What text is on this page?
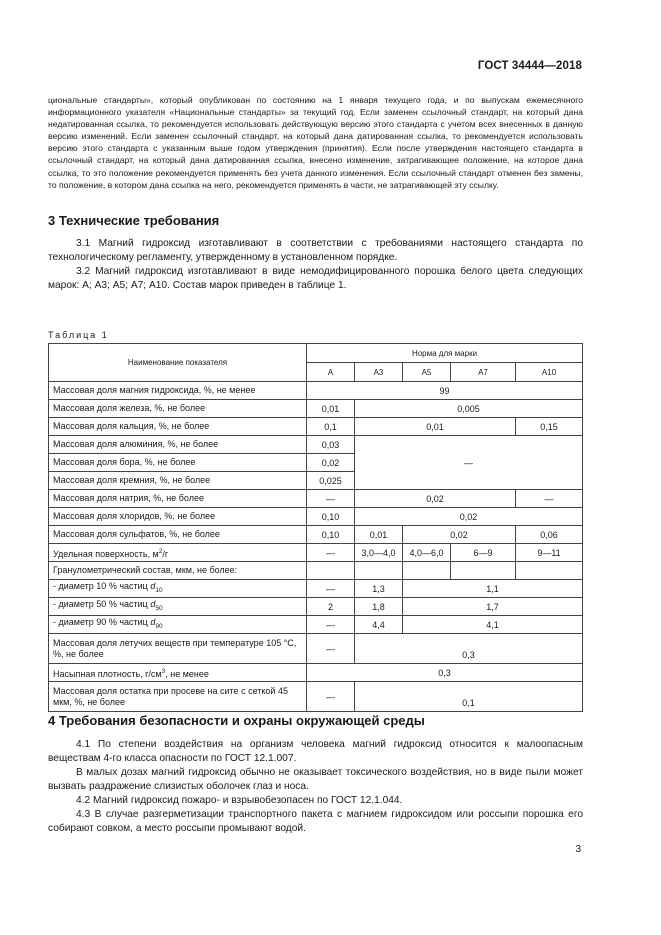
ГОСТ 34444—2018

циональные стандарты», который опубликован по состоянию на 1 января текущего года, и по выпускам ежемесячного информационного указателя «Национальные стандарты» за текущий год. Если заменен ссылочный стандарт, на который дана недатированная ссылка, то рекомендуется использовать действующую версию этого стандарта с учетом всех внесенных в данную версию изменений. Если заменен ссылочный стандарт, на который дана датированная ссылка, то рекомендуется использовать версию этого стандарта с указанным выше годом утверждения (принятия). Если после утверждения настоящего стандарта в ссылочный стандарт, на который дана датированная ссылка, внесено изменение, затрагивающее положение, на которое дана ссылка, то это положение рекомендуется применять без учета данного изменения. Если ссылочный стандарт отменен без замены, то положение, в котором дана ссылка на него, рекомендуется применять в части, не затрагивающей эту ссылку.

3 Технические требования

3.1 Магний гидроксид изготавливают в соответствии с требованиями настоящего стандарта по технологическому регламенту, утвержденному в установленном порядке.

3.2 Магний гидроксид изготавливают в виде немодифицированного порошка белого цвета следующих марок: А; А3; А5; А7; А10. Состав марок приведен в таблице 1.

Таблица 1

Наименование показателя	Норма для марки				
	А	А3	А5	А7	А10
Массовая доля магния гидроксида, %, не менее	99				
Массовая доля железа, %, не более	0,01	0,005			
Массовая доля кальция, %, не более	0,1	0,01			0,15
Массовая доля алюминия, %, не более	0,03	—			
Массовая доля бора, %, не более	0,02				
Массовая доля кремния, %, не более	0,025				
Массовая доля натрия, %, не более	—	0,02			—
Массовая доля хлоридов, %, не более	0,10	0,02			
Массовая доля сульфатов, %, не более	0,10	0,01	0,02		0,06
Удельная поверхность, $м^2/г$	—	3,0—4,0	4,0—6,0	6—9	9—11
Гранулометрический состав, мкм, не более:					
- диаметр 10 % частиц $d_{10}$	—	1,3	1,1		
- диаметр 50 % частиц $d_{50}$	2	1,8	1,7		
- диаметр 90 % частиц $d_{90}$	—	4,4	4,1		
Массовая доля летучих веществ при температуре 105 °С, %, не более	—	0,3			
Насыпная плотность, $г/см^3$, не менее	0,3				
Массовая доля остатка при просеве на сите с сеткой 45 мкм, %, не более	—	0,1			
4 Требования безопасности и охраны окружающей среды

4.1 По степени воздействия на организм человека магний гидроксид относится к малоопасным веществам 4-го класса опасности по ГОСТ 12.1.007.

В малых дозах магний гидроксид обычно не оказывает токсического воздействия, но в виде пыли может вызвать раздражение слизистых оболочек глаз и носа.

4.2 Магний гидроксид пожаро- и взрывобезопасен по ГОСТ 12.1.044.

4.3 В случае разгерметизации транспортного пакета с магнием гидроксидом или россыпи порошка его собирают совком, а место россыпи промывают водой.

3
